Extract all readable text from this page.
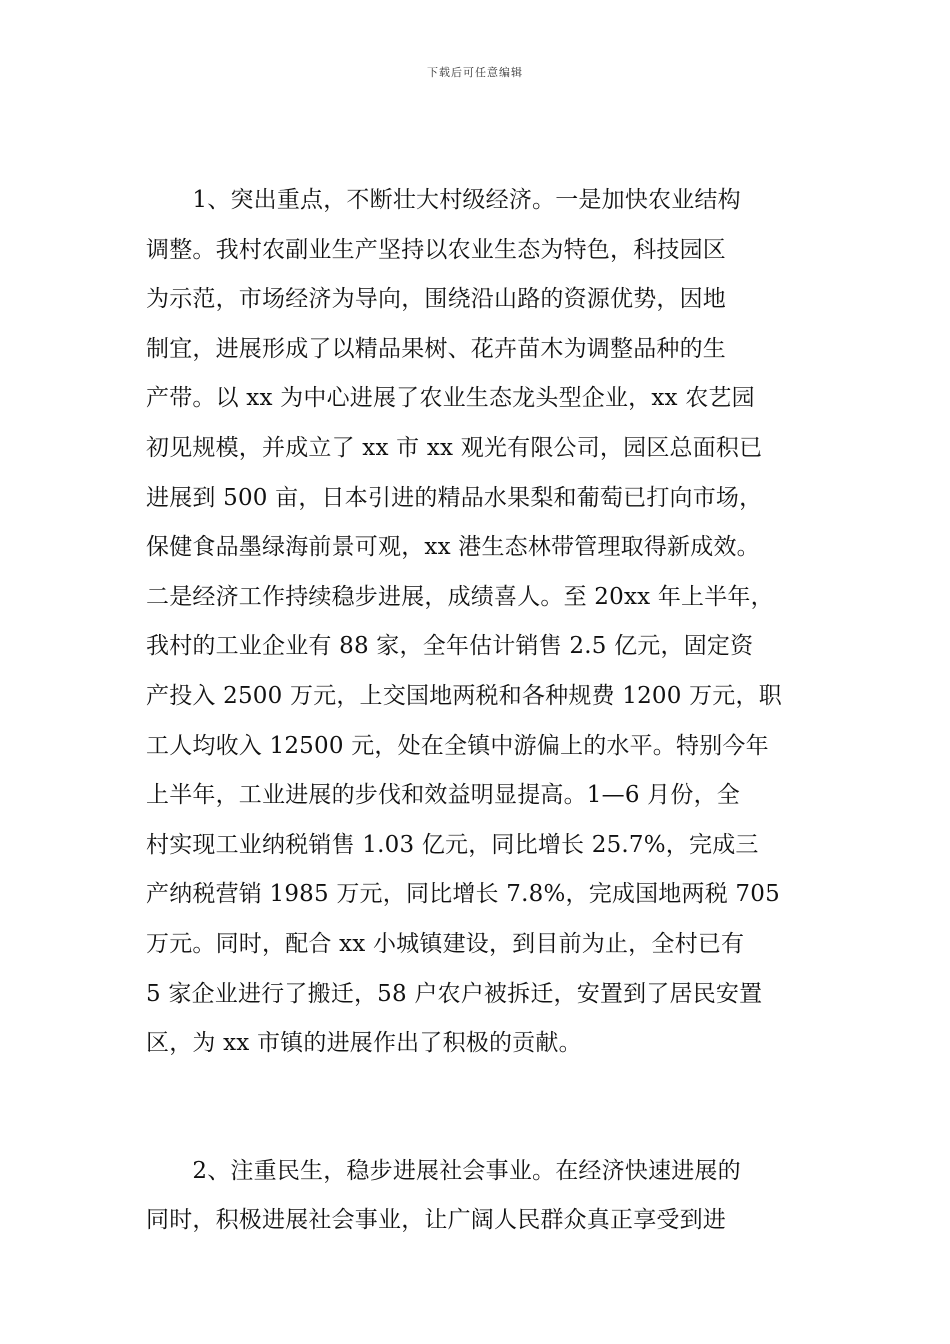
下载后可任意编辑
　　1、突出重点，不断壮大村级经济。一是加快农业结构
调整。我村农副业生产坚持以农业生态为特色，科技园区
为示范，市场经济为导向，围绕沿山路的资源优势，因地
制宜，进展形成了以精品果树、花卉苗木为调整品种的生
产带。以 xx 为中心进展了农业生态龙头型企业，xx 农艺园
初见规模，并成立了 xx 市 xx 观光有限公司，园区总面积已
进展到 500 亩，日本引进的精品水果梨和葡萄已打向市场，
保健食品墨绿海前景可观，xx 港生态林带管理取得新成效。
二是经济工作持续稳步进展，成绩喜人。至 20xx 年上半年，
我村的工业企业有 88 家，全年估计销售 2.5 亿元，固定资
产投入 2500 万元，上交国地两税和各种规费 1200 万元，职
工人均收入 12500 元，处在全镇中游偏上的水平。特别今年
上半年，工业进展的步伐和效益明显提高。1—6 月份，全
村实现工业纳税销售 1.03 亿元，同比增长 25.7%，完成三
产纳税营销 1985 万元，同比增长 7.8%，完成国地两税 705
万元。同时，配合 xx 小城镇建设，到目前为止，全村已有
5 家企业进行了搬迁，58 户农户被拆迁，安置到了居民安置
区，为 xx 市镇的进展作出了积极的贡献。
　　2、注重民生，稳步进展社会事业。在经济快速进展的
同时，积极进展社会事业，让广阔人民群众真正享受到进
